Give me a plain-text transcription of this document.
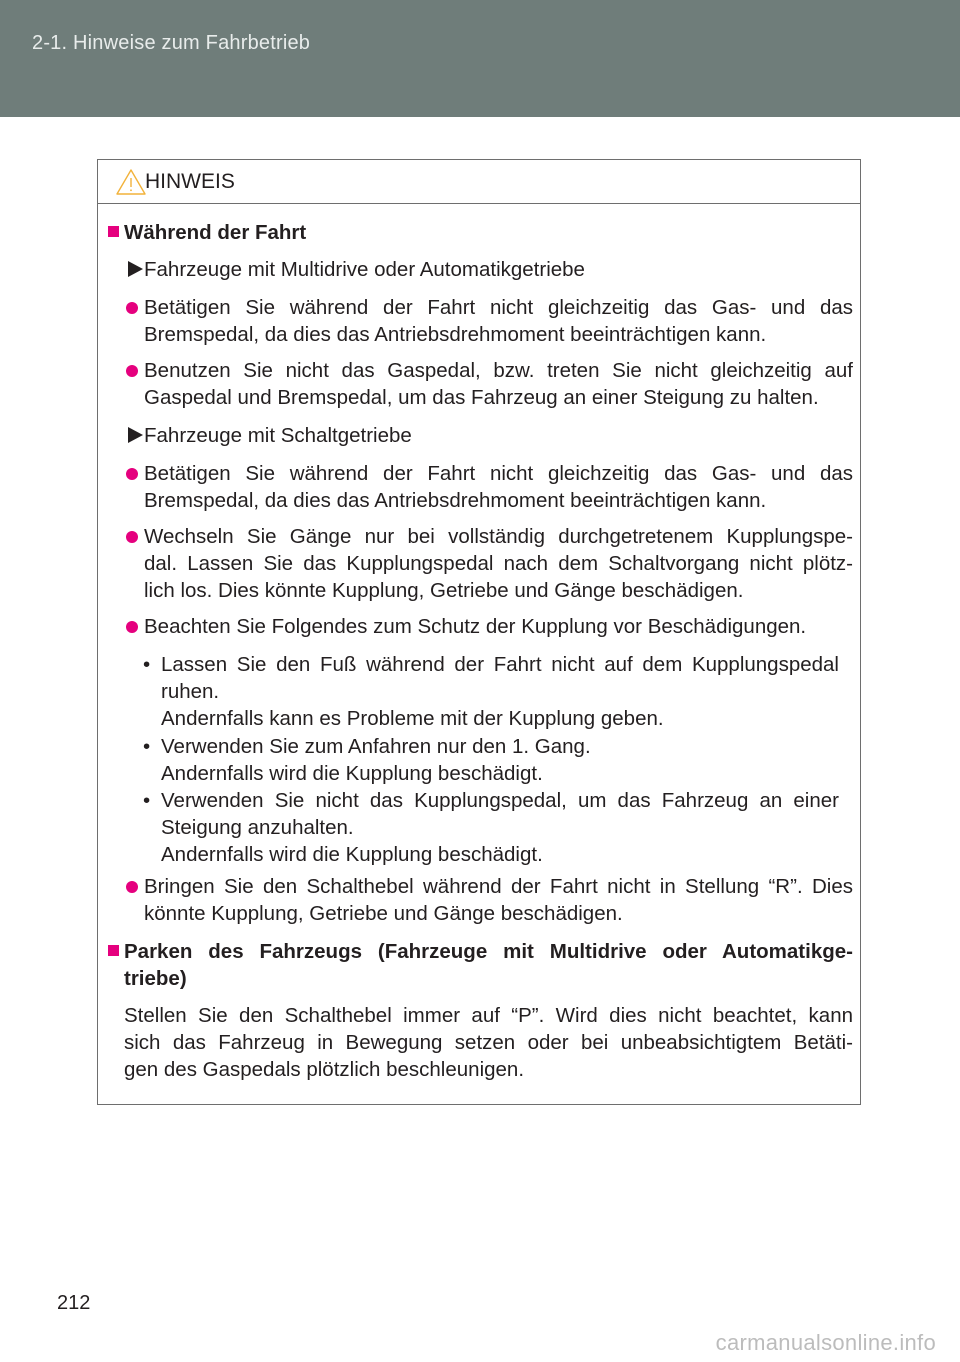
2-1. Hinweise zum Fahrbetrieb
HINWEIS
Während der Fahrt
Fahrzeuge mit Multidrive oder Automatikgetriebe
Betätigen Sie während der Fahrt nicht gleichzeitig das Gas- und das
Bremspedal, da dies das Antriebsdrehmoment beeinträchtigen kann.
Benutzen Sie nicht das Gaspedal, bzw. treten Sie nicht gleichzeitig auf
Gaspedal und Bremspedal, um das Fahrzeug an einer Steigung zu halten.
Fahrzeuge mit Schaltgetriebe
Betätigen Sie während der Fahrt nicht gleichzeitig das Gas- und das
Bremspedal, da dies das Antriebsdrehmoment beeinträchtigen kann.
Wechseln Sie Gänge nur bei vollständig durchgetretenem Kupplungspe-
dal. Lassen Sie das Kupplungspedal nach dem Schaltvorgang nicht plötz-
lich los. Dies könnte Kupplung, Getriebe und Gänge beschädigen.
Beachten Sie Folgendes zum Schutz der Kupplung vor Beschädigungen.
• Lassen Sie den Fuß während der Fahrt nicht auf dem Kupplungspedal
ruhen.
Andernfalls kann es Probleme mit der Kupplung geben.
• Verwenden Sie zum Anfahren nur den 1. Gang.
Andernfalls wird die Kupplung beschädigt.
• Verwenden Sie nicht das Kupplungspedal, um das Fahrzeug an einer
Steigung anzuhalten.
Andernfalls wird die Kupplung beschädigt.
Bringen Sie den Schalthebel während der Fahrt nicht in Stellung “R”. Dies
könnte Kupplung, Getriebe und Gänge beschädigen.
Parken des Fahrzeugs (Fahrzeuge mit Multidrive oder Automatikge-
triebe)
Stellen Sie den Schalthebel immer auf “P”. Wird dies nicht beachtet, kann
sich das Fahrzeug in Bewegung setzen oder bei unbeabsichtigtem Betäti-
gen des Gaspedals plötzlich beschleunigen.
212
carmanualsonline.info
